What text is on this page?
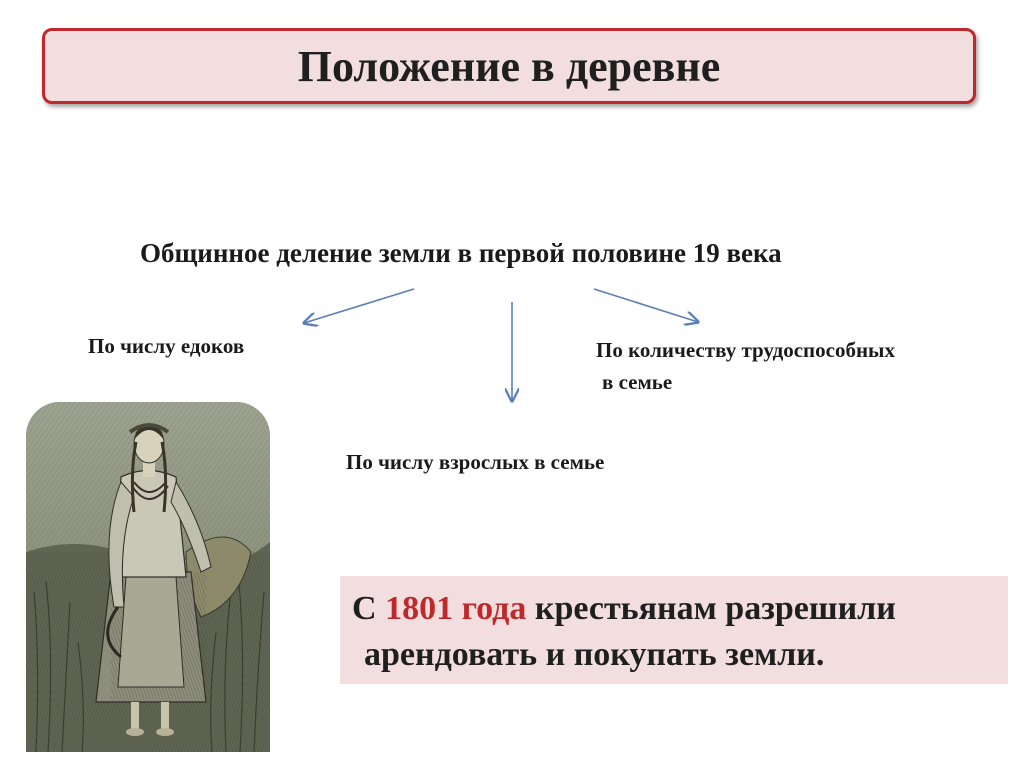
Положение в деревне
Общинное деление земли в первой половине 19 века
По числу едоков
По числу взрослых в семье
По количеству трудоспособных
в семье
С 1801 года крестьянам разрешили
арендовать и покупать земли.
